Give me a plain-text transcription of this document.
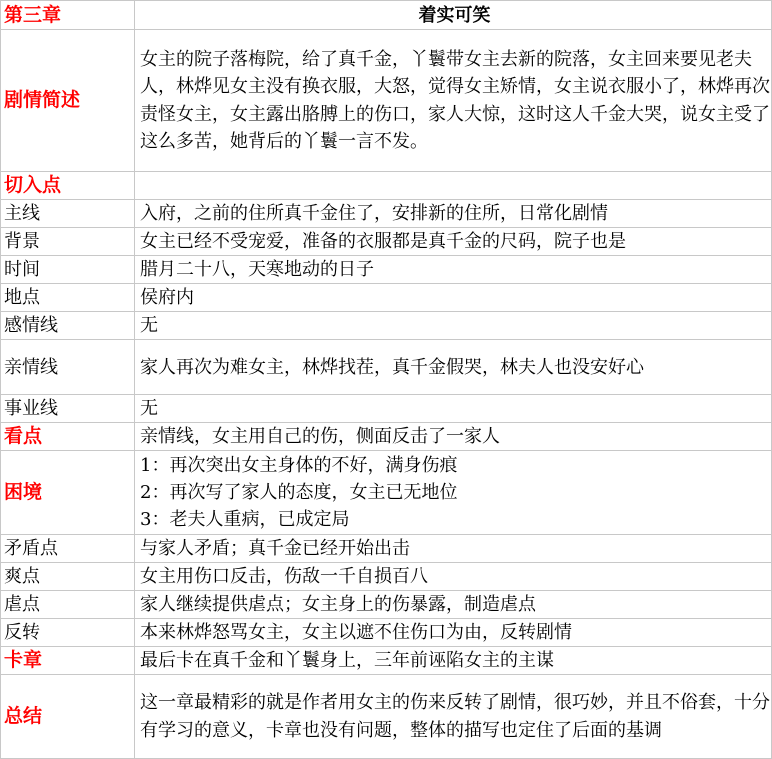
第三章	着实可笑
剧情简述	女主的院子落梅院，给了真千金，丫鬟带女主去新的院落，女主回来要见老夫人，林烨见女主没有换衣服，大怒，觉得女主矫情，女主说衣服小了，林烨再次责怪女主，女主露出胳膊上的伤口，家人大惊，这时这人千金大哭，说女主受了这么多苦，她背后的丫鬟一言不发。
切入点	
主线	入府，之前的住所真千金住了，安排新的住所，日常化剧情
背景	女主已经不受宠爱，准备的衣服都是真千金的尺码，院子也是
时间	腊月二十八，天寒地动的日子
地点	侯府内
感情线	无
亲情线	家人再次为难女主，林烨找茬，真千金假哭，林夫人也没安好心
事业线	无
看点	亲情线，女主用自己的伤，侧面反击了一家人
困境	1：再次突出女主身体的不好，满身伤痕
2：再次写了家人的态度，女主已无地位
3：老夫人重病，已成定局

矛盾点	与家人矛盾；真千金已经开始出击
爽点	女主用伤口反击，伤敌一千自损百八
虐点	家人继续提供虐点；女主身上的伤暴露，制造虐点
反转	本来林烨怒骂女主，女主以遮不住伤口为由，反转剧情
卡章	最后卡在真千金和丫鬟身上，三年前诬陷女主的主谋
总结	这一章最精彩的就是作者用女主的伤来反转了剧情，很巧妙，并且不俗套，十分有学习的意义，卡章也没有问题，整体的描写也定住了后面的基调
